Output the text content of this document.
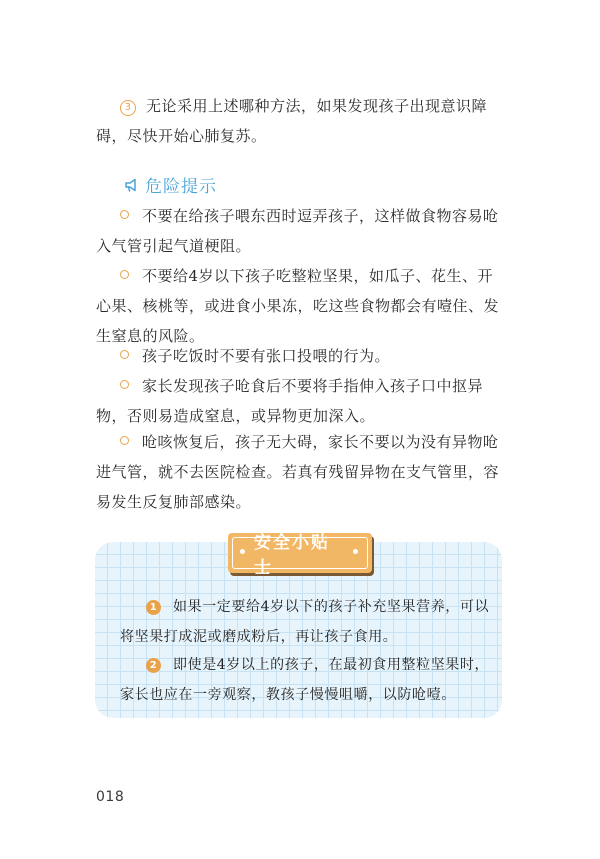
3 无论采用上述哪种方法，如果发现孩子出现意识障碍，尽快开始心肺复苏。

危险提示

不要在给孩子喂东西时逗弄孩子，这样做食物容易呛入气管引起气道梗阻。

不要给4岁以下孩子吃整粒坚果，如瓜子、花生、开心果、核桃等，或进食小果冻，吃这些食物都会有噎住、发生窒息的风险。

孩子吃饭时不要有张口投喂的行为。

家长发现孩子呛食后不要将手指伸入孩子口中抠异物，否则易造成窒息，或异物更加深入。

呛咳恢复后，孩子无大碍，家长不要以为没有异物呛进气管，就不去医院检查。若真有残留异物在支气管里，容易发生反复肺部感染。

• 安全小贴士
•

1 如果一定要给4岁以下的孩子补充坚果营养，可以将坚果打成泥或磨成粉后，再让孩子食用。

2 即使是4岁以上的孩子，在最初食用整粒坚果时，家长也应在一旁观察，教孩子慢慢咀嚼，以防呛噎。

018
